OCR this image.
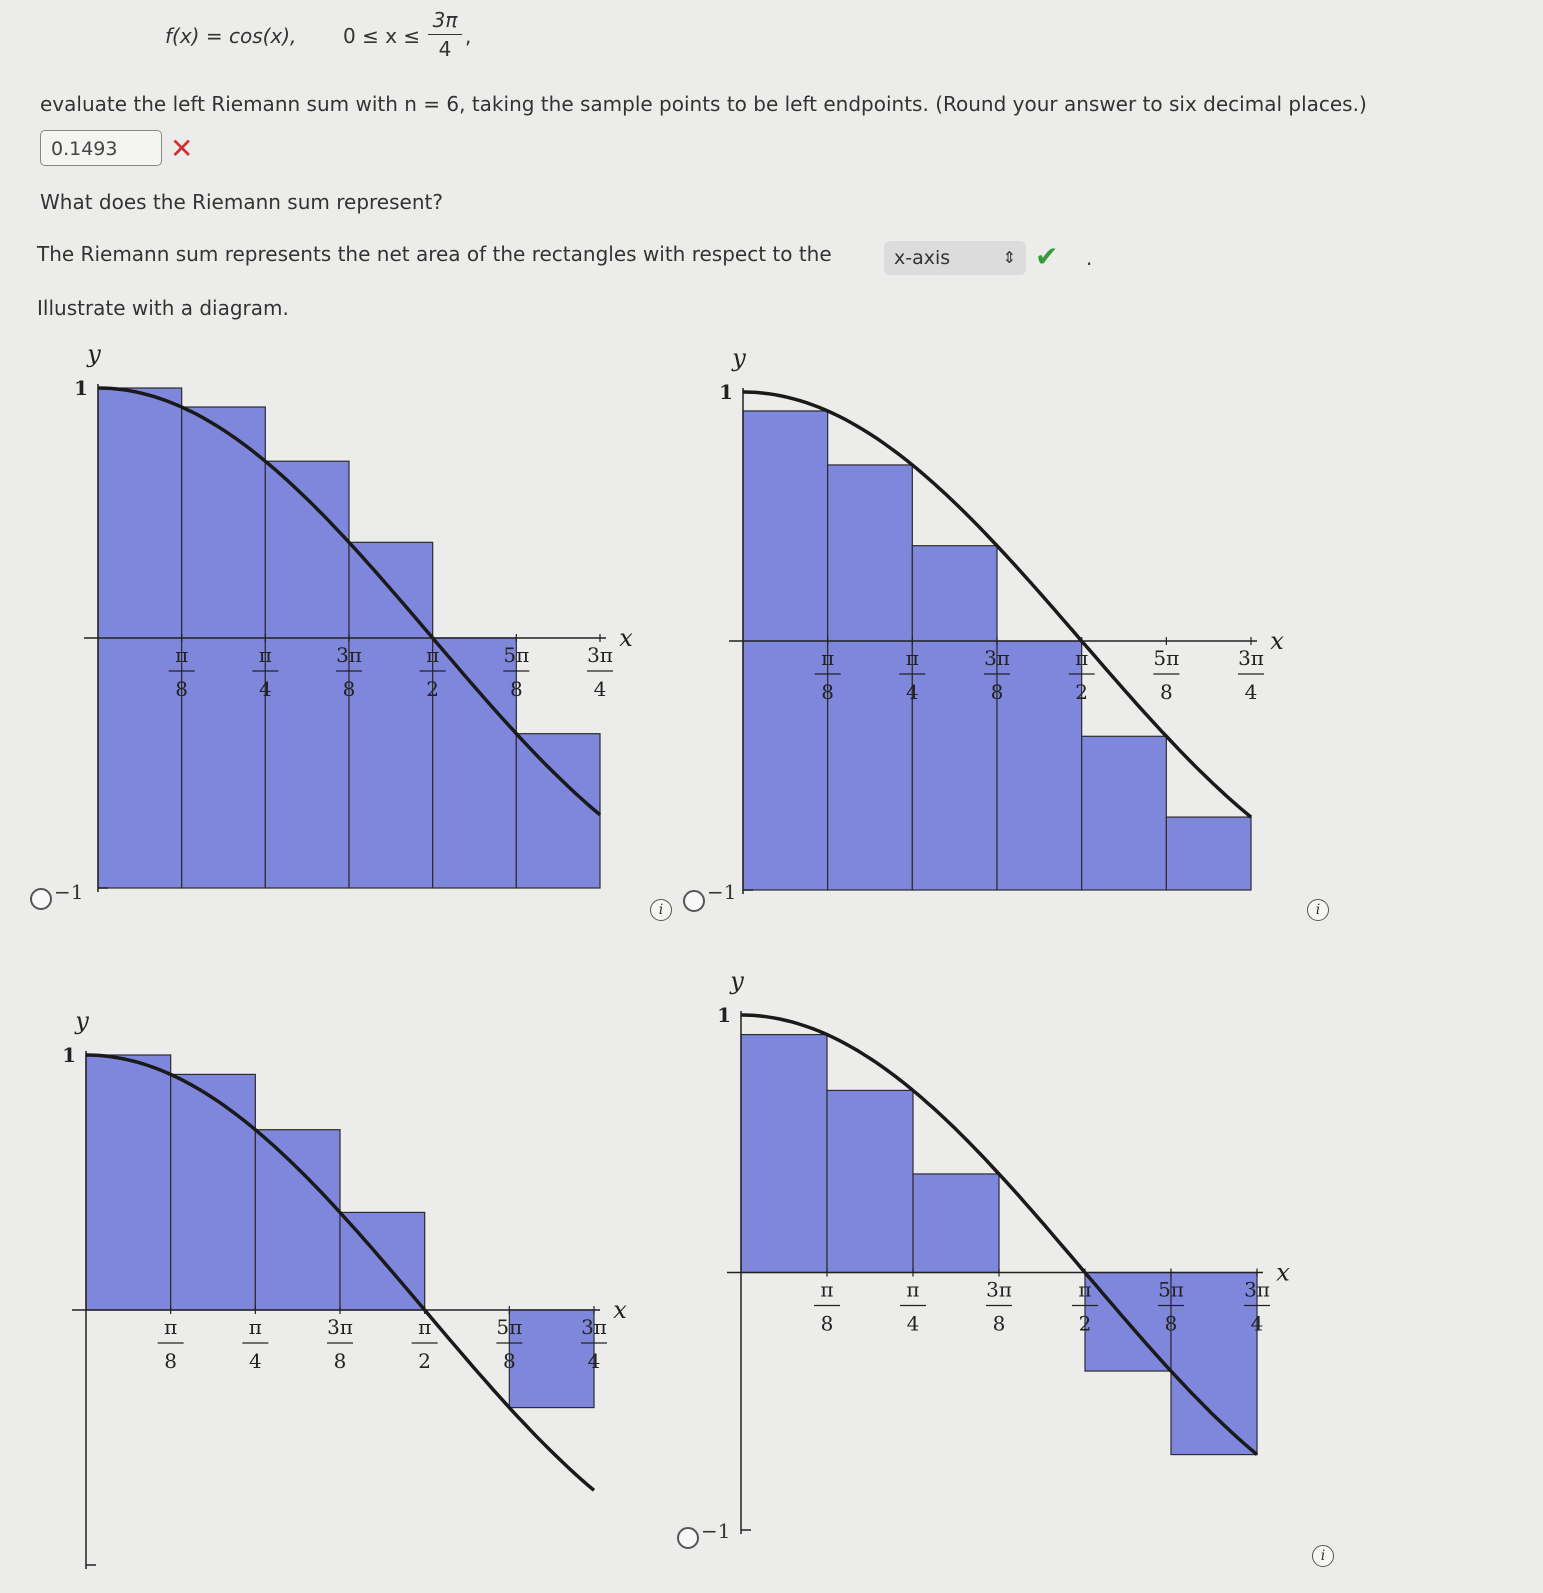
f(x) = cos(x), 0 ≤ x ≤
3π
4
,
evaluate the left Riemann sum with n = 6, taking the sample points to be left endpoints. (Round your answer to six decimal places.)
0.1493	✕
What does the Riemann sum represent?
The Riemann sum represents the net area of the rectangles with respect to the	x-axis	⇕ ✔ .
Illustrate with a diagram.
π
8
π
4
3π
8
π
2
5π
8
3π
4
y
x
1
π
8
π
4
3π
8
π
2
5π
8
3π
4
y
x
1
π
8
π
4
3π
8
π
2
5π
8
3π
4
y
x
1
π
8
π
4
3π
8
π
2
5π
8
3π
4
y
x
1
−1
i
−1
i
−1
i
